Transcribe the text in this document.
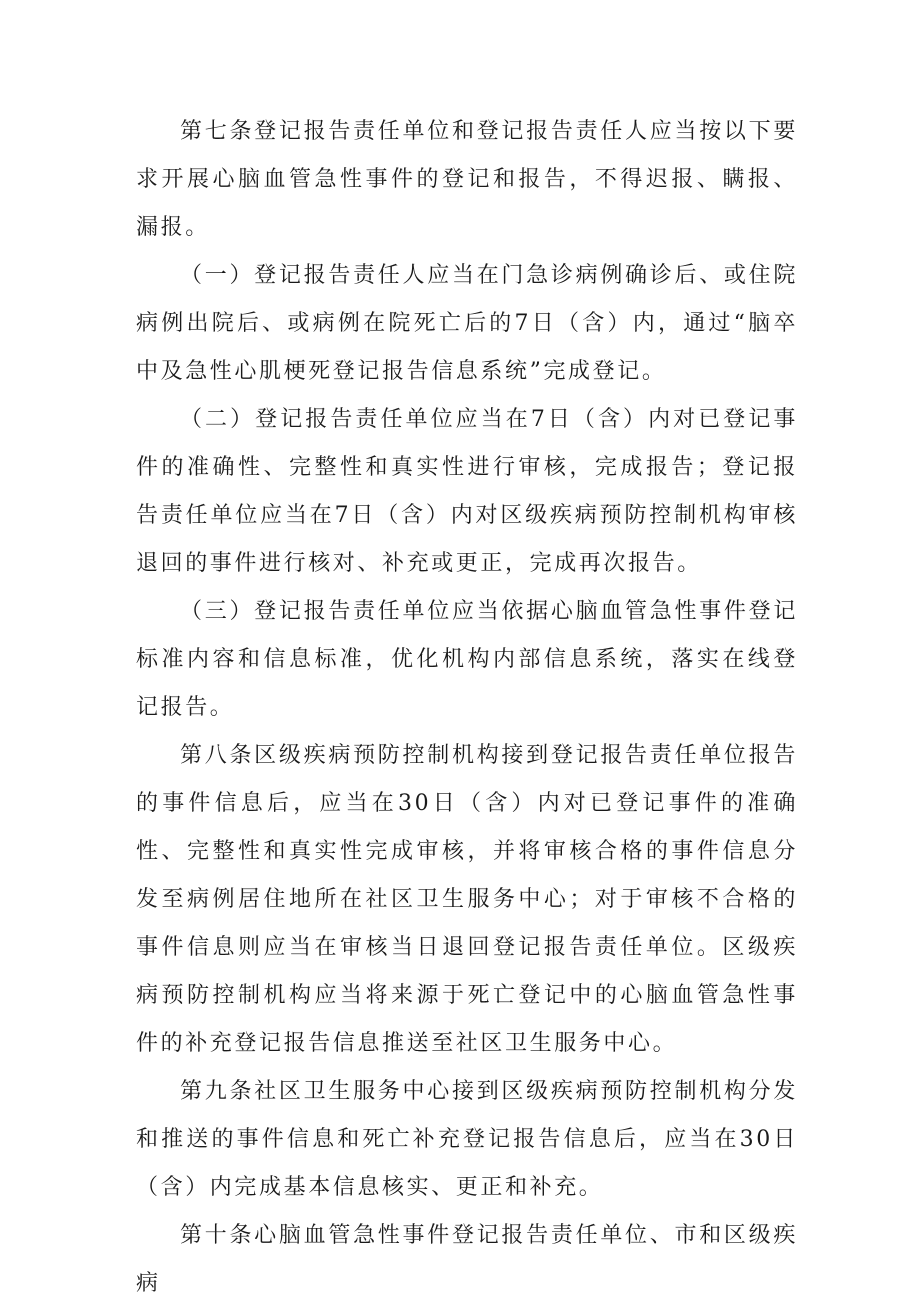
第七条登记报告责任单位和登记报告责任人应当按以下要求开展心脑血管急性事件的登记和报告，不得迟报、瞒报、漏报。

（一）登记报告责任人应当在门急诊病例确诊后、或住院病例出院后、或病例在院死亡后的7日（含）内，通过“脑卒中及急性心肌梗死登记报告信息系统”完成登记。

（二）登记报告责任单位应当在7日（含）内对已登记事件的准确性、完整性和真实性进行审核，完成报告；登记报告责任单位应当在7日（含）内对区级疾病预防控制机构审核退回的事件进行核对、补充或更正，完成再次报告。

（三）登记报告责任单位应当依据心脑血管急性事件登记标准内容和信息标准，优化机构内部信息系统，落实在线登记报告。

第八条区级疾病预防控制机构接到登记报告责任单位报告的事件信息后，应当在30日（含）内对已登记事件的准确性、完整性和真实性完成审核，并将审核合格的事件信息分发至病例居住地所在社区卫生服务中心；对于审核不合格的事件信息则应当在审核当日退回登记报告责任单位。区级疾病预防控制机构应当将来源于死亡登记中的心脑血管急性事件的补充登记报告信息推送至社区卫生服务中心。

第九条社区卫生服务中心接到区级疾病预防控制机构分发和推送的事件信息和死亡补充登记报告信息后，应当在30日（含）内完成基本信息核实、更正和补充。

第十条心脑血管急性事件登记报告责任单位、市和区级疾病
